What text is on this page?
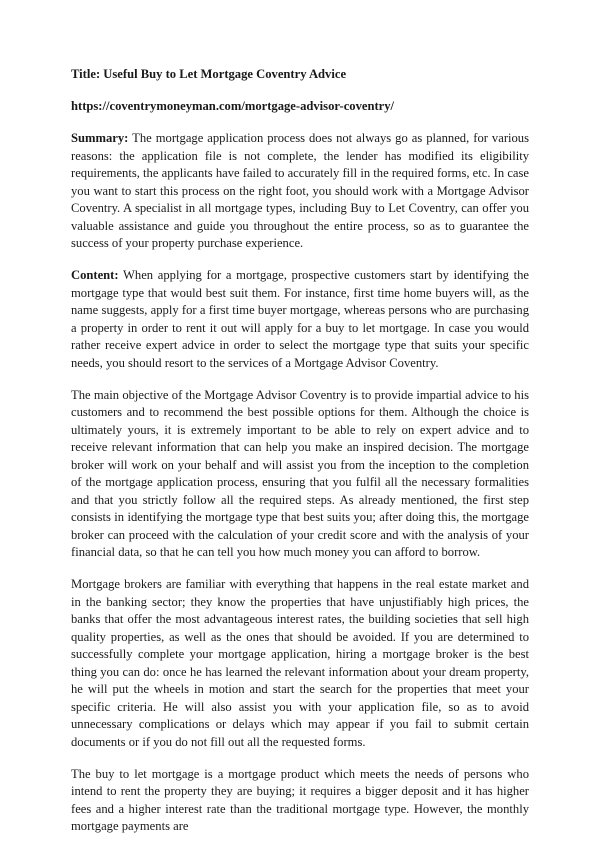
Title: Useful Buy to Let Mortgage Coventry Advice

https://coventrymoneyman.com/mortgage-advisor-coventry/

Summary: The mortgage application process does not always go as planned, for various reasons: the application file is not complete, the lender has modified its eligibility requirements, the applicants have failed to accurately fill in the required forms, etc. In case you want to start this process on the right foot, you should work with a Mortgage Advisor Coventry. A specialist in all mortgage types, including Buy to Let Coventry, can offer you valuable assistance and guide you throughout the entire process, so as to guarantee the success of your property purchase experience.

Content: When applying for a mortgage, prospective customers start by identifying the mortgage type that would best suit them. For instance, first time home buyers will, as the name suggests, apply for a first time buyer mortgage, whereas persons who are purchasing a property in order to rent it out will apply for a buy to let mortgage. In case you would rather receive expert advice in order to select the mortgage type that suits your specific needs, you should resort to the services of a Mortgage Advisor Coventry.

The main objective of the Mortgage Advisor Coventry is to provide impartial advice to his customers and to recommend the best possible options for them. Although the choice is ultimately yours, it is extremely important to be able to rely on expert advice and to receive relevant information that can help you make an inspired decision. The mortgage broker will work on your behalf and will assist you from the inception to the completion of the mortgage application process, ensuring that you fulfil all the necessary formalities and that you strictly follow all the required steps. As already mentioned, the first step consists in identifying the mortgage type that best suits you; after doing this, the mortgage broker can proceed with the calculation of your credit score and with the analysis of your financial data, so that he can tell you how much money you can afford to borrow.

Mortgage brokers are familiar with everything that happens in the real estate market and in the banking sector; they know the properties that have unjustifiably high prices, the banks that offer the most advantageous interest rates, the building societies that sell high quality properties, as well as the ones that should be avoided. If you are determined to successfully complete your mortgage application, hiring a mortgage broker is the best thing you can do: once he has learned the relevant information about your dream property, he will put the wheels in motion and start the search for the properties that meet your specific criteria. He will also assist you with your application file, so as to avoid unnecessary complications or delays which may appear if you fail to submit certain documents or if you do not fill out all the requested forms.

The buy to let mortgage is a mortgage product which meets the needs of persons who intend to rent the property they are buying; it requires a bigger deposit and it has higher fees and a higher interest rate than the traditional mortgage type. However, the monthly mortgage payments are
